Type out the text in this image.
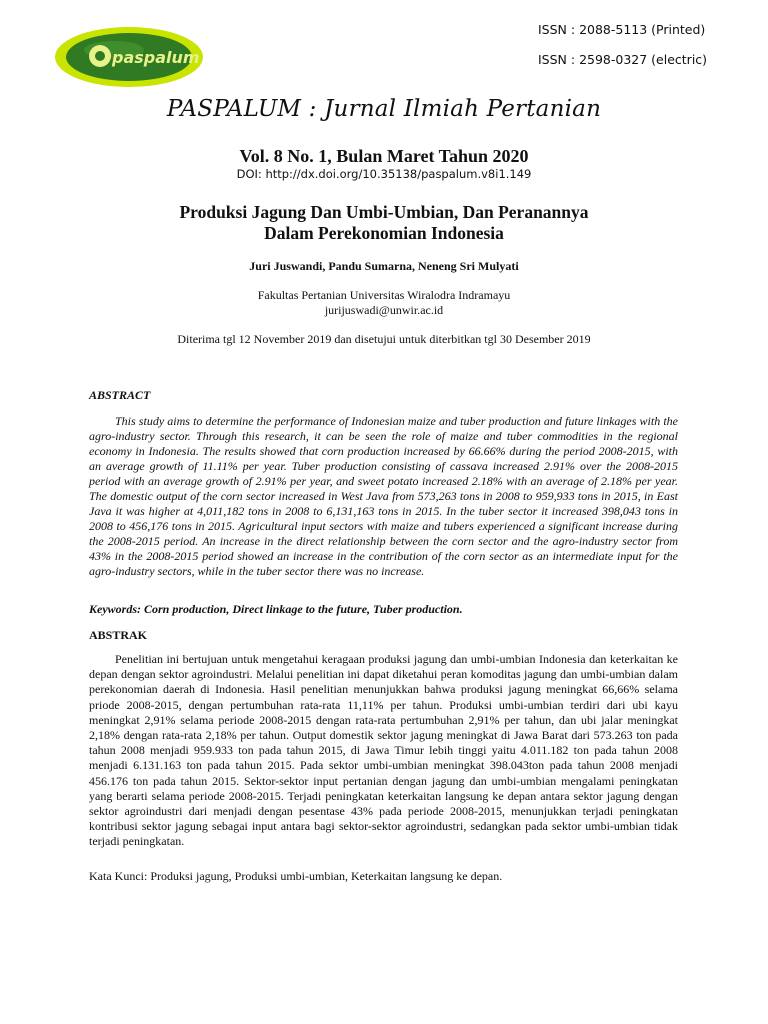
paspalum
ISSN : 2088-5113 (Printed)
ISSN : 2598-0327 (electric)
PASPALUM : Jurnal Ilmiah Pertanian
Vol. 8 No. 1, Bulan Maret Tahun 2020
DOI: http://dx.doi.org/10.35138/paspalum.v8i1.149
Produksi Jagung Dan Umbi-Umbian, Dan Peranannya
Dalam Perekonomian Indonesia
Juri Juswandi, Pandu Sumarna, Neneng Sri Mulyati
Fakultas Pertanian Universitas Wiralodra Indramayu
jurijuswadi@unwir.ac.id
Diterima tgl 12 November 2019 dan disetujui untuk diterbitkan tgl 30 Desember 2019
ABSTRACT

This study aims to determine the performance of Indonesian maize and tuber production and future linkages with the agro-industry sector. Through this research, it can be seen the role of maize and tuber commodities in the regional economy in Indonesia. The results showed that corn production increased by 66.66% during the period 2008-2015, with an average growth of 11.11% per year. Tuber production consisting of cassava increased 2.91% over the 2008-2015 period with an average growth of 2.91% per year, and sweet potato increased 2.18% with an average of 2.18% per year. The domestic output of the corn sector increased in West Java from 573,263 tons in 2008 to 959,933 tons in 2015, in East Java it was higher at 4,011,182 tons in 2008 to 6,131,163 tons in 2015. In the tuber sector it increased 398,043 tons in 2008 to 456,176 tons in 2015. Agricultural input sectors with maize and tubers experienced a significant increase during the 2008-2015 period. An increase in the direct relationship between the corn sector and the agro-industry sector from 43% in the 2008-2015 period showed an increase in the contribution of the corn sector as an intermediate input for the agro-industry sectors, while in the tuber sector there was no increase.

Keywords: Corn production, Direct linkage to the future, Tuber production.
ABSTRAK

Penelitian ini bertujuan untuk mengetahui keragaan produksi jagung dan umbi-umbian Indonesia dan keterkaitan ke depan dengan sektor agroindustri. Melalui penelitian ini dapat diketahui peran komoditas jagung dan umbi-umbian dalam perekonomian daerah di Indonesia. Hasil penelitian menunjukkan bahwa produksi jagung meningkat 66,66% selama priode 2008-2015, dengan pertumbuhan rata-rata 11,11% per tahun. Produksi umbi-umbian terdiri dari ubi kayu meningkat 2,91% selama periode 2008-2015 dengan rata-rata pertumbuhan 2,91% per tahun, dan ubi jalar meningkat 2,18% dengan rata-rata 2,18% per tahun. Output domestik sektor jagung meningkat di Jawa Barat dari 573.263 ton pada tahun 2008 menjadi 959.933 ton pada tahun 2015, di Jawa Timur lebih tinggi yaitu 4.011.182 ton pada tahun 2008 menjadi 6.131.163 ton pada tahun 2015. Pada sektor umbi-umbian meningkat 398.043ton pada tahun 2008 menjadi 456.176 ton pada tahun 2015. Sektor-sektor input pertanian dengan jagung dan umbi-umbian mengalami peningkatan yang berarti selama periode 2008-2015. Terjadi peningkatan keterkaitan langsung ke depan antara sektor jagung dengan sektor agroindustri dari menjadi dengan pesentase 43% pada periode 2008-2015, menunjukkan terjadi peningkatan kontribusi sektor jagung sebagai input antara bagi sektor-sektor agroindustri, sedangkan pada sektor umbi-umbian tidak terjadi peningkatan.

Kata Kunci: Produksi jagung, Produksi umbi-umbian, Keterkaitan langsung ke depan.
